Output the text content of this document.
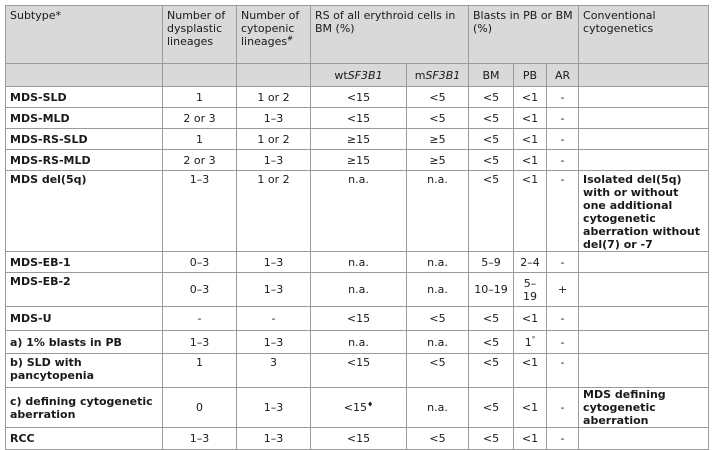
Subtype*	Number of dysplastic lineages	Number of cytopenic lineages#	RS of all erythroid cells in BM (%)		Blasts in PB or BM (%)			Conventional cytogenetics
			wtSF3B1	mSF3B1	BM	PB	AR	
MDS-SLD	1	1 or 2	<15	<5	<5	<1	-	
MDS-MLD	2 or 3	1–3	<15	<5	<5	<1	-	
MDS-RS-SLD	1	1 or 2	≥15	≥5	<5	<1	-	
MDS-RS-MLD	2 or 3	1–3	≥15	≥5	<5	<1	-	
MDS del(5q)	1–3	1 or 2	n.a.	n.a.	<5	<1	-	Isolated del(5q) with or without one additional cytogenetic aberration without del(7) or -7
MDS-EB-1	0–3	1–3	n.a.	n.a.	5–9	2–4	-	
MDS-EB-2	0–3	1–3	n.a.	n.a.	10–19	5–19	+	
MDS-U	-	-	<15	<5	<5	<1	-	
a) 1% blasts in PB	1–3	1–3	n.a.	n.a.	<5	1°	-	
b) SLD with pancytopenia	1	3	<15	<5	<5	<1	-	
c) defining cytogenetic aberration	0	1–3	<15♦	n.a.	<5	<1	-	MDS defining cytogenetic aberration
RCC	1–3	1–3	<15	<5	<5	<1	-	
